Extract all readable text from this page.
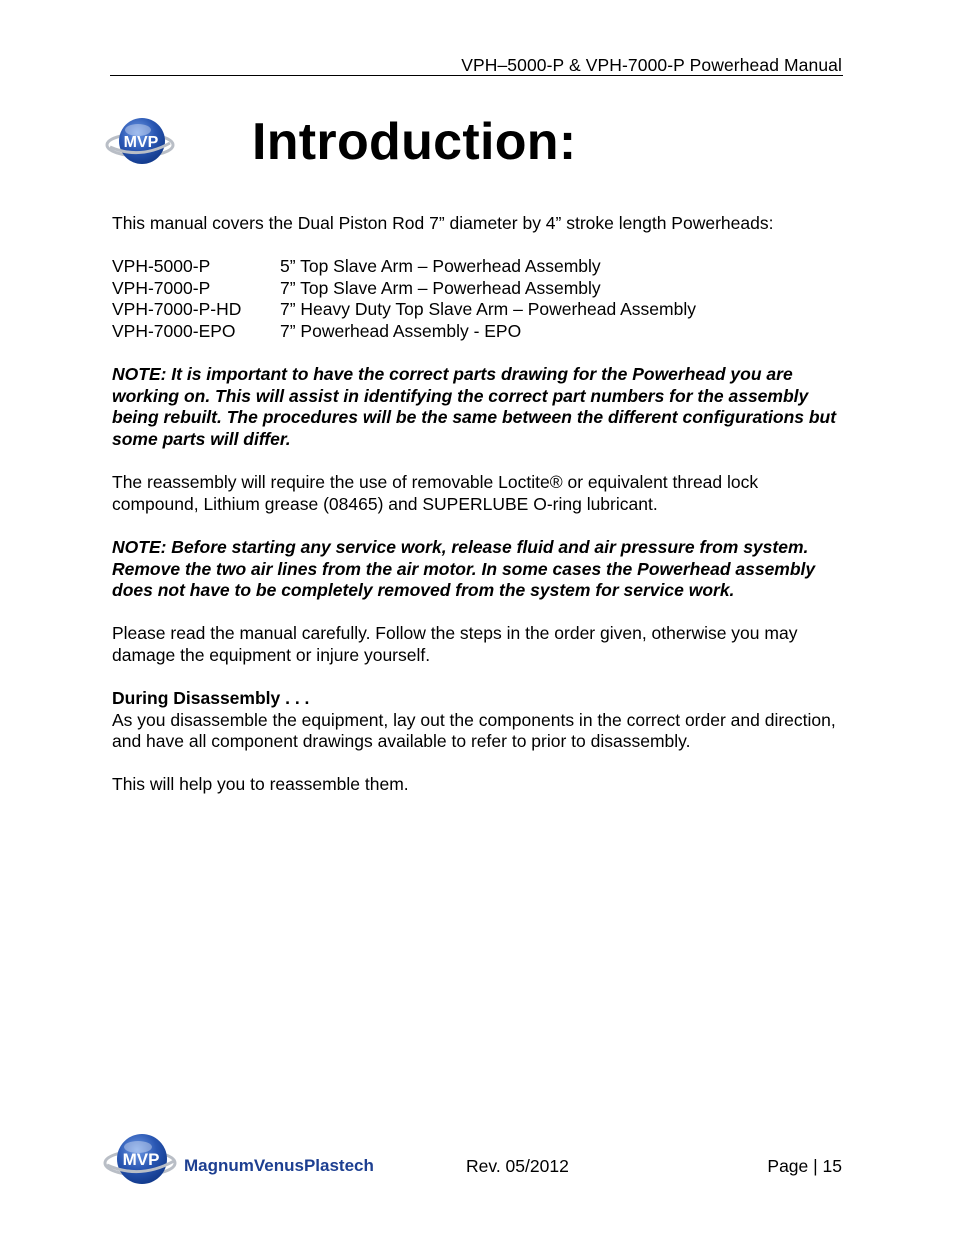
VPH–5000-P & VPH-7000-P Powerhead Manual
MVP Introduction:

This manual covers the Dual Piston Rod 7” diameter by 4” stroke length Powerheads:

VPH-5000-P	5” Top Slave Arm – Powerhead Assembly
VPH-7000-P	7” Top Slave Arm – Powerhead Assembly
VPH-7000-P-HD	7” Heavy Duty Top Slave Arm – Powerhead Assembly
VPH-7000-EPO	7” Powerhead Assembly - EPO

NOTE: It is important to have the correct parts drawing for the Powerhead you are working on. This will assist in identifying the correct part numbers for the assembly being rebuilt. The procedures will be the same between the different configurations but some parts will differ.

The reassembly will require the use of removable Loctite® or equivalent thread lock compound, Lithium grease (08465) and SUPERLUBE O-ring lubricant.

NOTE: Before starting any service work, release fluid and air pressure from system. Remove the two air lines from the air motor. In some cases the Powerhead assembly does not have to be completely removed from the system for service work.

Please read the manual carefully. Follow the steps in the order given, otherwise you may damage the equipment or injure yourself.

During Disassembly . . .

As you disassemble the equipment, lay out the components in the correct order and direction, and have all component drawings available to refer to prior to disassembly.

This will help you to reassemble them.

MVP MagnumVenusPlastech	Rev. 05/2012	Page | 15
